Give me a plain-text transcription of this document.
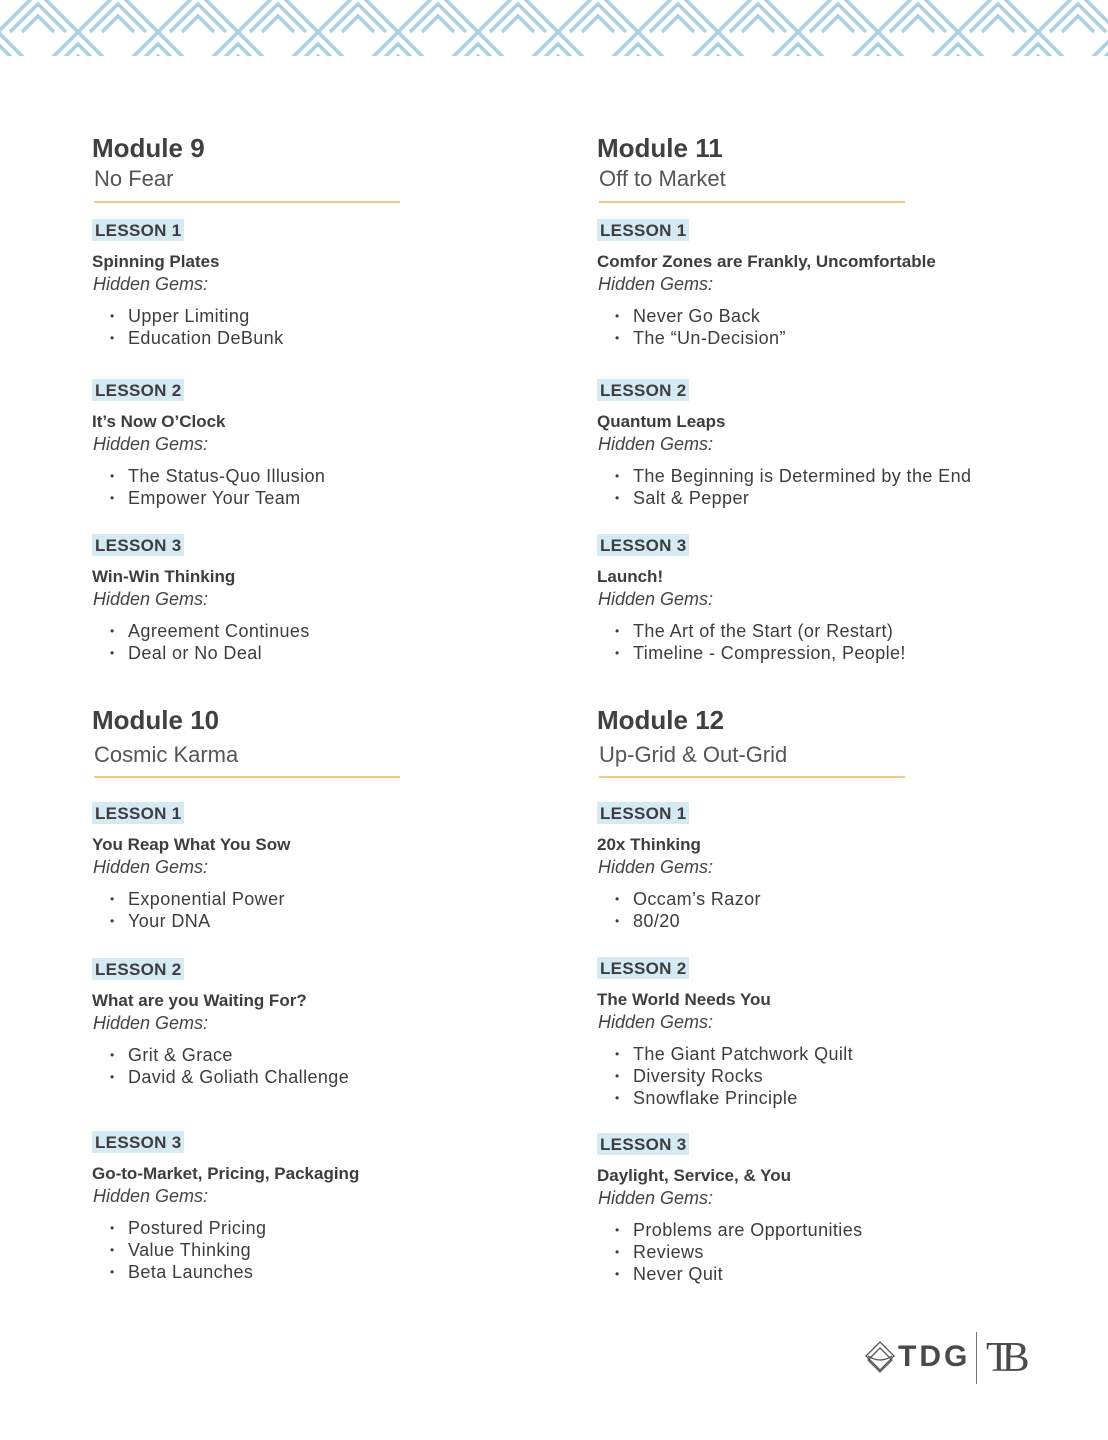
Module 9
No Fear
LESSON 1
Spinning Plates
Hidden Gems:
• Upper Limiting
• Education DeBunk
LESSON 2
It’s Now O’Clock
Hidden Gems:
• The Status-Quo Illusion
• Empower Your Team
LESSON 3
Win-Win Thinking
Hidden Gems:
• Agreement Continues
• Deal or No Deal
Module 10
Cosmic Karma
LESSON 1
You Reap What You Sow
Hidden Gems:
• Exponential Power
• Your DNA
LESSON 2
What are you Waiting For?
Hidden Gems:
• Grit & Grace
• David & Goliath Challenge
LESSON 3
Go-to-Market, Pricing, Packaging
Hidden Gems:
• Postured Pricing
• Value Thinking
• Beta Launches
Module 11
Off to Market
LESSON 1
Comfor Zones are Frankly, Uncomfortable
Hidden Gems:
• Never Go Back
• The “Un-Decision”
LESSON 2
Quantum Leaps
Hidden Gems:
• The Beginning is Determined by the End
• Salt & Pepper
LESSON 3
Launch!
Hidden Gems:
• The Art of the Start (or Restart)
• Timeline - Compression, People!
Module 12
Up-Grid & Out-Grid
LESSON 1
20x Thinking
Hidden Gems:
• Occam’s Razor
• 80/20
LESSON 2
The World Needs You
Hidden Gems:
• The Giant Patchwork Quilt
• Diversity Rocks
• Snowflake Principle
LESSON 3
Daylight, Service, & You
Hidden Gems:
• Problems are Opportunities
• Reviews
• Never Quit
TDG TB
